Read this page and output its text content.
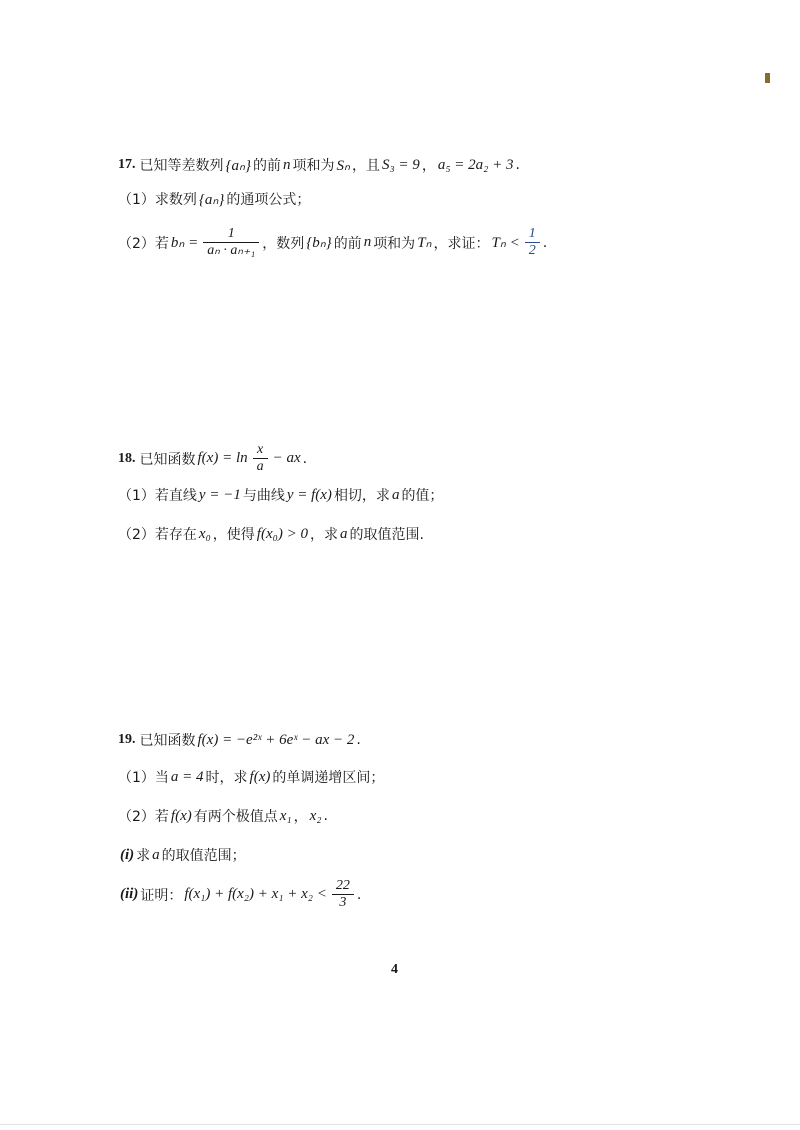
17. 已知等差数列 {aₙ} 的前 n 项和为 Sₙ ，且 S₃ = 9 ， a₅ = 2a₂ + 3 .
（1） 求数列 {aₙ} 的通项公式；
（2） 若 $b_n = \frac{1}{\text{aₙ · aₙ₊₁}}$ ，数列 {bₙ} 的前 n 项和为 Tₙ ，求证： $T_n < \frac{1}{2}$ .
18. 已知函数 $f(x) = \ln \frac{x}{a}$ − ax .
（1） 若直线 y = −1 与曲线 y = f(x) 相切，求 a 的值；
（2） 若存在 x₀ ，使得 f(x₀) > 0 ，求 a 的取值范围.
19. 已知函数 f(x) = −e²ˣ + 6eˣ − ax − 2 .
（1） 当 a = 4 时，求 f(x) 的单调递增区间；
（2） 若 f(x) 有两个极值点 x₁ ， x₂ .
(i) 求 a 的取值范围；
(ii) 证明： $f(x_1) + f(x_2) + x_1 + x_2 < \frac{22}{3}$ .
4
